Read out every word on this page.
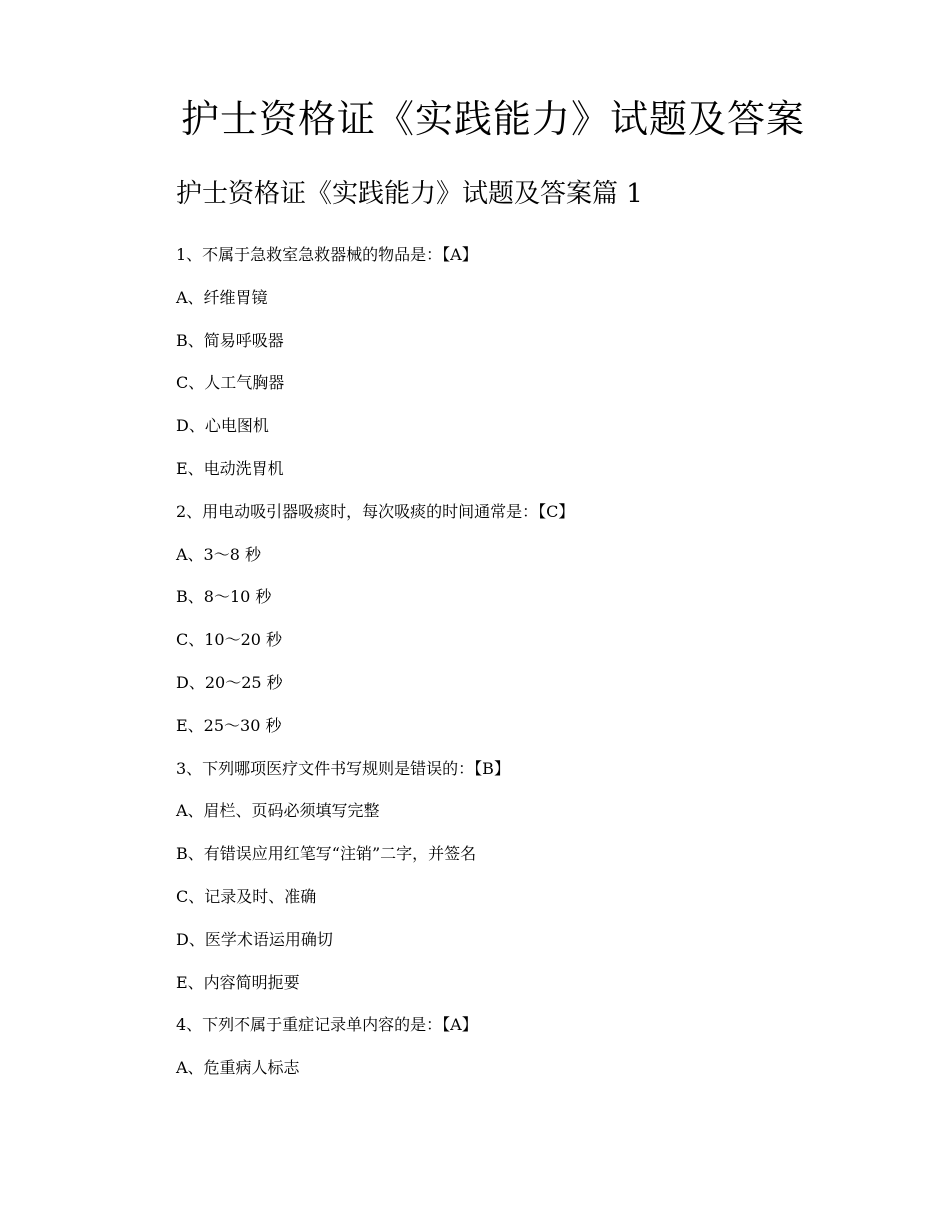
护士资格证《实践能力》试题及答案
护士资格证《实践能力》试题及答案篇 1
1、不属于急救室急救器械的物品是：【A】
A、纤维胃镜
B、简易呼吸器
C、人工气胸器
D、心电图机
E、电动洗胃机
2、用电动吸引器吸痰时，每次吸痰的时间通常是：【C】
A、3～8 秒
B、8～10 秒
C、10～20 秒
D、20～25 秒
E、25～30 秒
3、下列哪项医疗文件书写规则是错误的：【B】
A、眉栏、页码必须填写完整
B、有错误应用红笔写“注销”二字，并签名
C、记录及时、准确
D、医学术语运用确切
E、内容简明扼要
4、下列不属于重症记录单内容的是：【A】
A、危重病人标志
